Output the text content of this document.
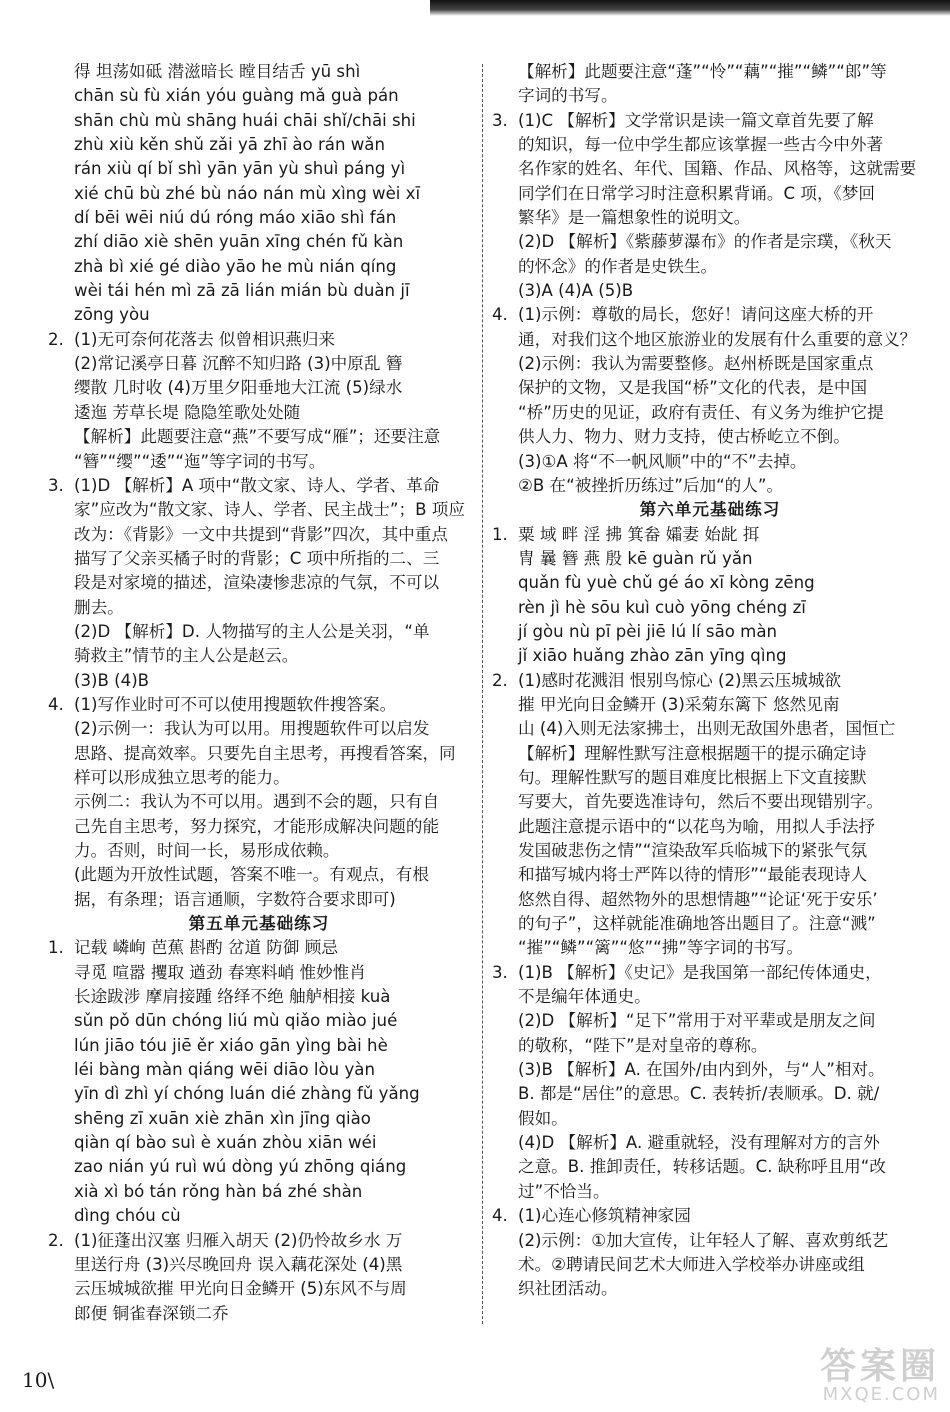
得 坦荡如砥 潜滋暗长 瞠目结舌 yū shì
chān sù fù xián yóu guàng mǎ guà pán
shān chù mù shāng huái chāi shǐ/chāi shi
zhù xiù kěn shǔ zǎi yā zhī ào rán wǎn
rán xiù qí bǐ shì yān yān yù shuì páng yì
xié chū bù zhé bù náo nán mù xìng wèi xī
dí bēi wēi niú dú róng máo xiāo shì fán
zhí diāo xiè shēn yuān xīng chén fǔ kàn
zhà bì xié gé diào yāo he mù nián qíng
wèi tái hén mì zā zā lián mián bù duàn jī
zōng yòu
2. (1)无可奈何花落去 似曾相识燕归来
(2)常记溪亭日暮 沉醉不知归路 (3)中原乱 簪
缨散 几时收 (4)万里夕阳垂地大江流 (5)绿水
逶迤 芳草长堤 隐隐笙歌处处随
【解析】此题要注意“燕”不要写成“雁”；还要注意
“簪”“缨”“逶”“迤”等字词的书写。
3. (1)D 【解析】A 项中“散文家、诗人、学者、革命
家”应改为“散文家、诗人、学者、民主战士”；B 项应
改为：《背影》一文中共提到“背影”四次，其中重点
描写了父亲买橘子时的背影；C 项中所指的二、三
段是对家境的描述，渲染凄惨悲凉的气氛，不可以
删去。
(2)D 【解析】D. 人物描写的主人公是关羽，“单
骑救主”情节的主人公是赵云。
(3)B (4)B
4. (1)写作业时可不可以使用搜题软件搜答案。
(2)示例一：我认为可以用。用搜题软件可以启发
思路、提高效率。只要先自主思考，再搜看答案，同
样可以形成独立思考的能力。
示例二：我认为不可以用。遇到不会的题，只有自
己先自主思考，努力探究，才能形成解决问题的能
力。否则，时间一长，易形成依赖。
(此题为开放性试题，答案不唯一。有观点，有根
据，有条理；语言通顺，字数符合要求即可)
第五单元基础练习
1. 记载 嶙峋 芭蕉 斟酌 岔道 防御 顾忌
寻觅 喧嚣 攫取 遒劲 春寒料峭 惟妙惟肖
长途跋涉 摩肩接踵 络绎不绝 舳舻相接 kuà
sǔn pǒ dūn chóng liú mù qiǎo miào jué
lún jiāo tóu jiē ěr xiáo gān yìng bài hè
léi bàng màn qiáng wēi diāo lòu yàn
yīn dì zhì yí chóng luán dié zhàng fǔ yǎng
shēng zī xuān xiè zhān xìn jīng qiào
qiàn qí bào suì è xuán zhòu xiān wéi
zao nián yú ruì wú dòng yú zhōng qiáng
xià xì bó tán rǒng hàn bá zhé shàn
dìng chóu cù
2. (1)征蓬出汉塞 归雁入胡天 (2)仍怜故乡水 万
里送行舟 (3)兴尽晚回舟 误入藕花深处 (4)黑
云压城城欲摧 甲光向日金鳞开 (5)东风不与周
郎便 铜雀春深锁二乔
【解析】此题要注意“蓬”“怜”“藕”“摧”“鳞”“郎”等
字词的书写。
3. (1)C 【解析】文学常识是读一篇文章首先要了解
的知识，每一位中学生都应该掌握一些古今中外著
名作家的姓名、年代、国籍、作品、风格等，这就需要
同学们在日常学习时注意积累背诵。C 项，《梦回
繁华》是一篇想象性的说明文。
(2)D 【解析】《紫藤萝瀑布》的作者是宗璞，《秋天
的怀念》的作者是史铁生。
(3)A (4)A (5)B
4. (1)示例：尊敬的局长，您好！请问这座大桥的开
通，对我们这个地区旅游业的发展有什么重要的意义？
(2)示例：我认为需要整修。赵州桥既是国家重点
保护的文物，又是我国“桥”文化的代表，是中国
“桥”历史的见证，政府有责任、有义务为维护它提
供人力、物力、财力支持，使古桥屹立不倒。
(3)①A 将“不一帆风顺”中的“不”去掉。
②B 在“被挫折历练过”后加“的人”。
第六单元基础练习
1. 粟 域 畔 淫 拂 箕畚 孀妻 始龀 挕
冑 曩 簪 燕 殷 kē guàn rǔ yǎn
quǎn fù yuè chǔ gé áo xī kòng zēng
rèn jì hè sōu kuì cuò yōng chéng zī
jí gòu nù pī pèi jiē lú lí sāo màn
jǐ xiāo huǎng zhào zān yīng qìng
2. (1)感时花溅泪 恨别鸟惊心 (2)黑云压城城欲
摧 甲光向日金鳞开 (3)采菊东篱下 悠然见南
山 (4)入则无法家拂士，出则无敌国外患者，国恒亡
【解析】理解性默写注意根据题干的提示确定诗
句。理解性默写的题目难度比根据上下文直接默
写要大，首先要选准诗句，然后不要出现错别字。
此题注意提示语中的“以花鸟为喻，用拟人手法抒
发国破悲伤之情”“渲染敌军兵临城下的紧张气氛
和描写城内将士严阵以待的情形”“最能表现诗人
悠然自得、超然物外的思想情趣”“论证‘死于安乐’
的句子”，这样就能准确地答出题目了。注意“溅”
“摧”“鳞”“篱”“悠”“拂”等字词的书写。
3. (1)B 【解析】《史记》是我国第一部纪传体通史，
不是编年体通史。
(2)D 【解析】“足下”常用于对平辈或是朋友之间
的敬称，“陛下”是对皇帝的尊称。
(3)B 【解析】A. 在国外/由内到外，与“人”相对。
B. 都是“居住”的意思。C. 表转折/表顺承。D. 就/
假如。
(4)D 【解析】A. 避重就轻，没有理解对方的言外
之意。B. 推卸责任，转移话题。C. 缺称呼且用“改
过”不恰当。
4. (1)心连心修筑精神家园
(2)示例：①加大宣传，让年轻人了解、喜欢剪纸艺
术。②聘请民间艺术大师进入学校举办讲座或组
织社团活动。
10\	答案圈
MXQE.COM
